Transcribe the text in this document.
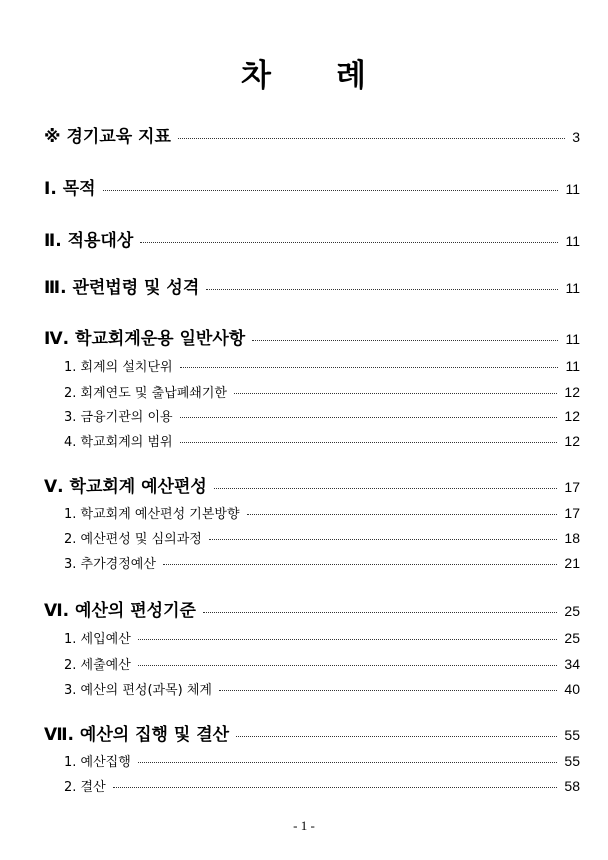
차 례
※ 경기교육 지표	3
Ⅰ. 목적	11
Ⅱ. 적용대상	11
Ⅲ. 관련법령 및 성격	11
Ⅳ. 학교회계운용 일반사항	11
1. 회계의 설치단위	11
2. 회계연도 및 출납폐쇄기한	12
3. 금융기관의 이용	12
4. 학교회계의 범위	12
Ⅴ. 학교회계 예산편성	17
1. 학교회계 예산편성 기본방향	17
2. 예산편성 및 심의과정	18
3. 추가경정예산	21
Ⅵ. 예산의 편성기준	25
1. 세입예산	25
2. 세출예산	34
3. 예산의 편성(과목) 체계	40
Ⅶ. 예산의 집행 및 결산	55
1. 예산집행	55
2. 결산	58
- 1 -
